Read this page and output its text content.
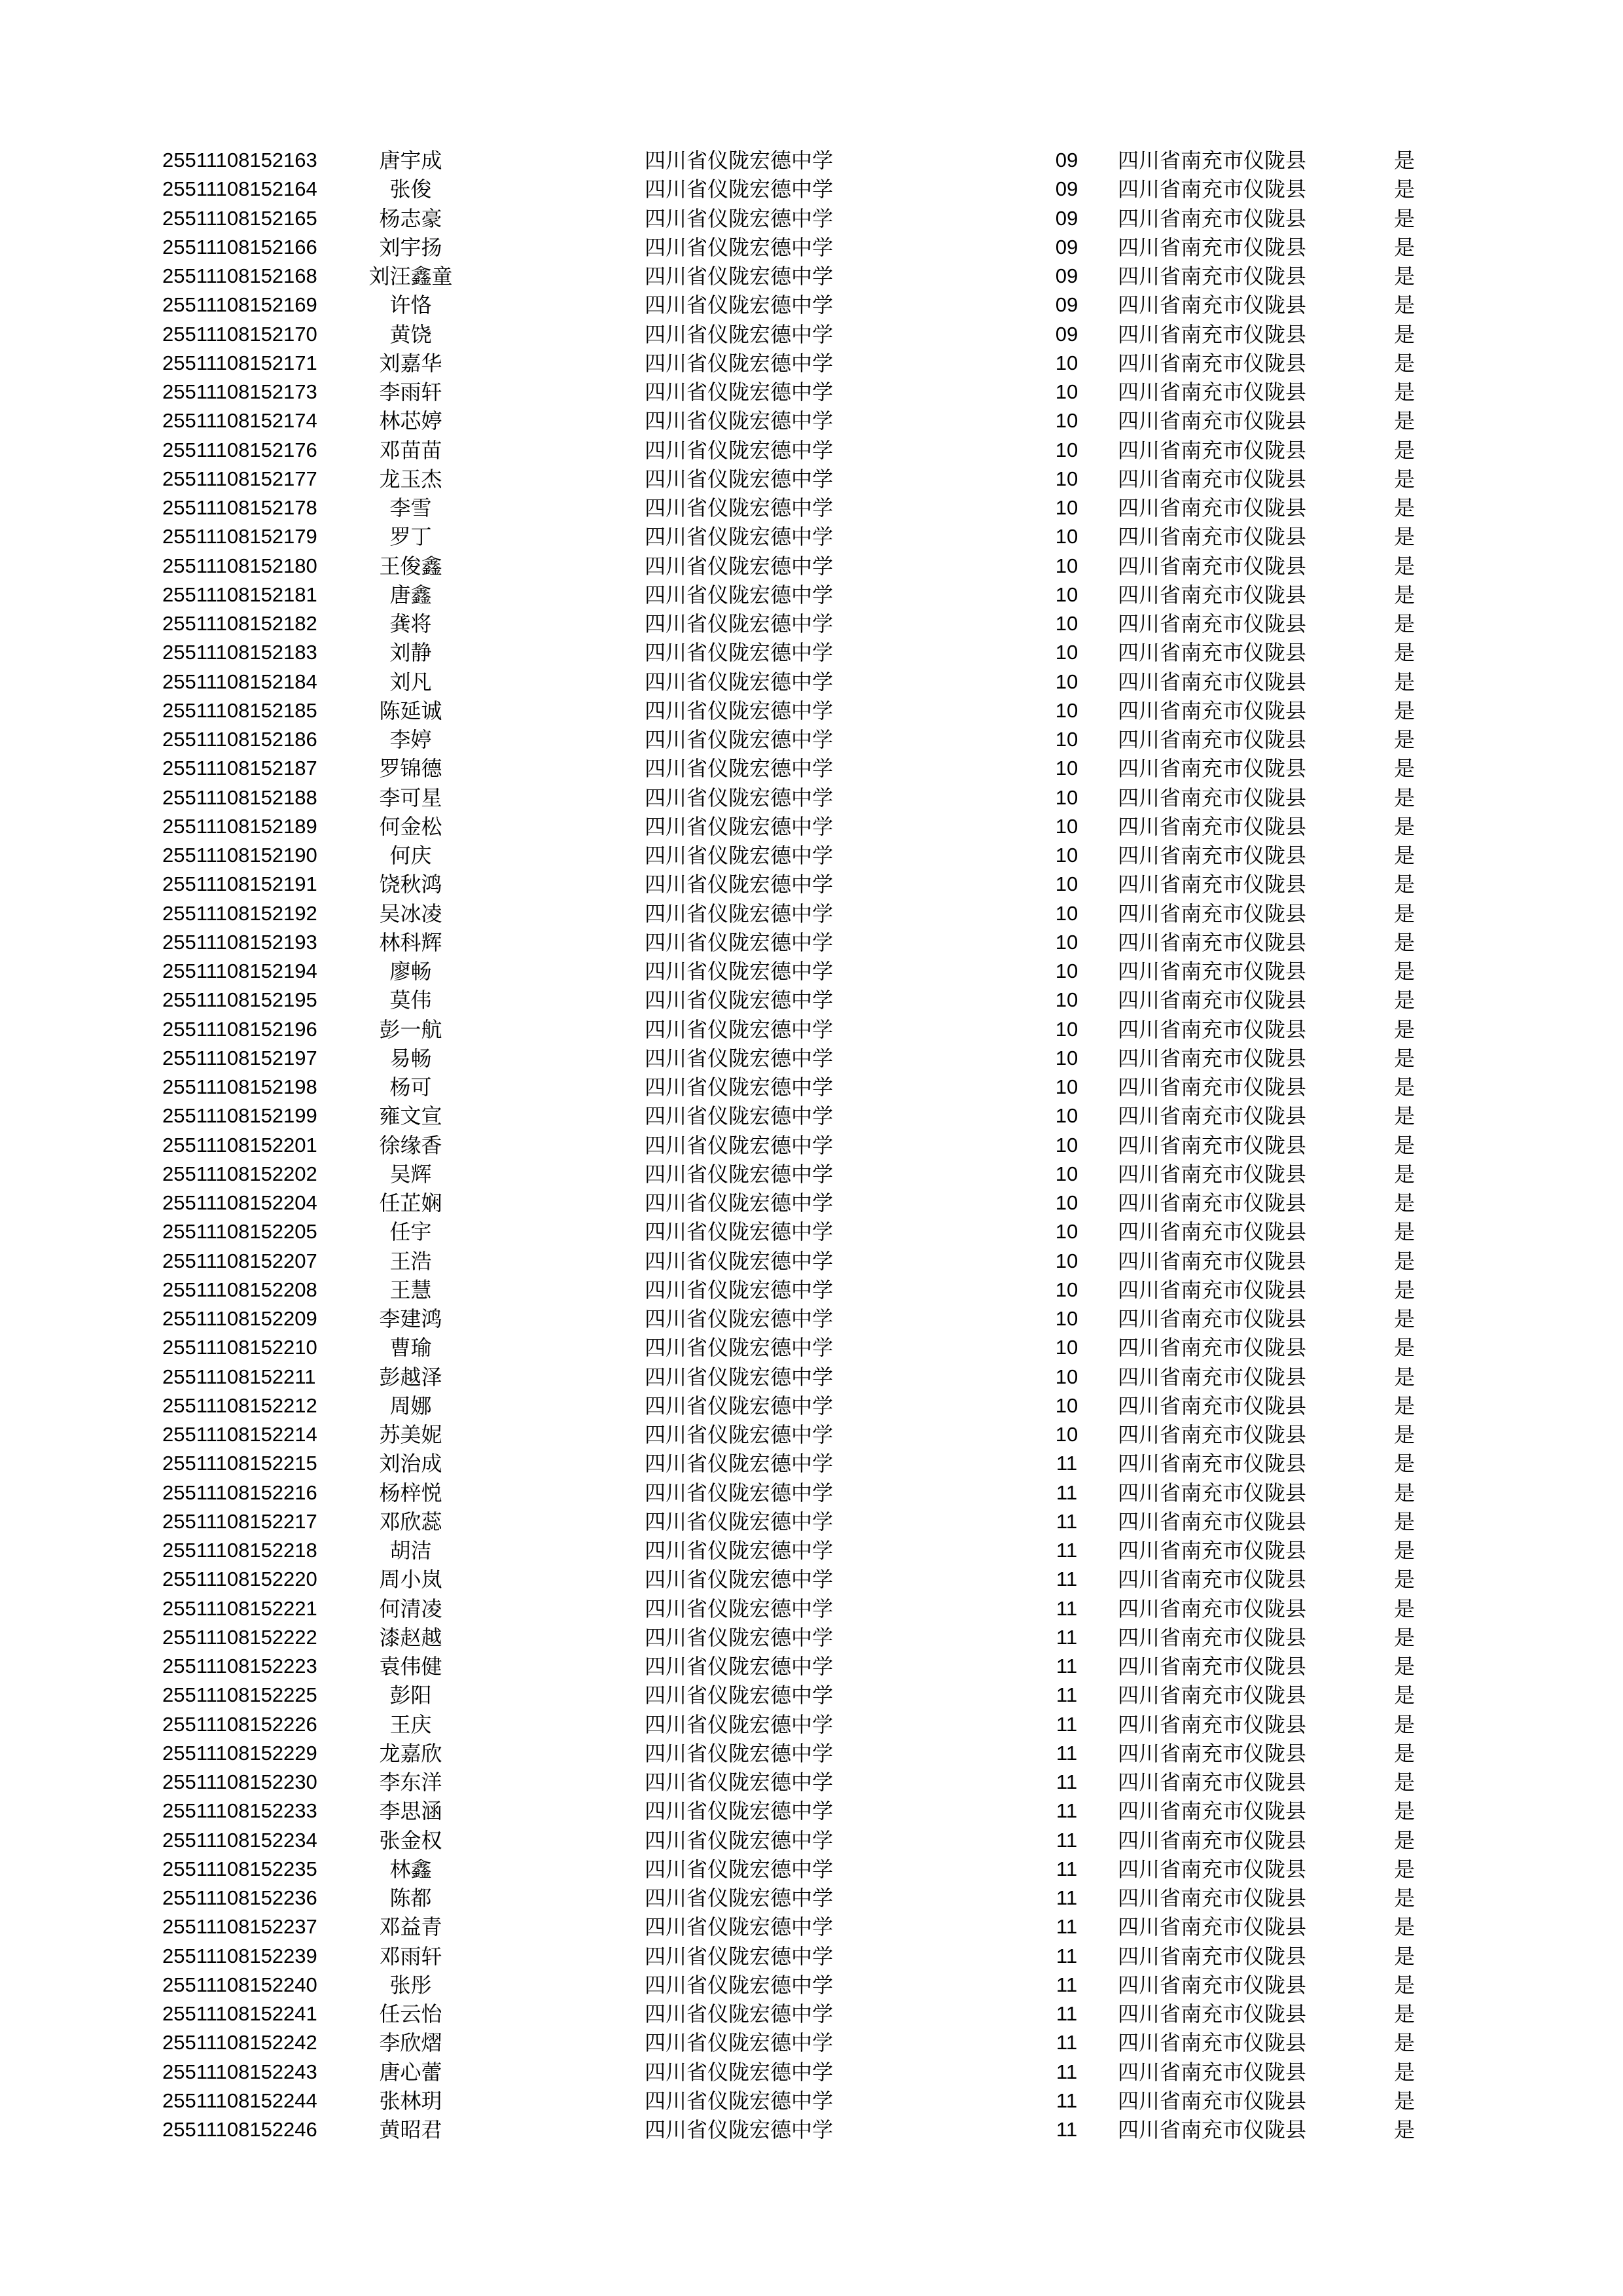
25511108152163	唐宇成	四川省仪陇宏德中学	09	四川省南充市仪陇县	是
25511108152164	张俊	四川省仪陇宏德中学	09	四川省南充市仪陇县	是
25511108152165	杨志豪	四川省仪陇宏德中学	09	四川省南充市仪陇县	是
25511108152166	刘宇扬	四川省仪陇宏德中学	09	四川省南充市仪陇县	是
25511108152168	刘汪鑫童	四川省仪陇宏德中学	09	四川省南充市仪陇县	是
25511108152169	许恪	四川省仪陇宏德中学	09	四川省南充市仪陇县	是
25511108152170	黄饶	四川省仪陇宏德中学	09	四川省南充市仪陇县	是
25511108152171	刘嘉华	四川省仪陇宏德中学	10	四川省南充市仪陇县	是
25511108152173	李雨轩	四川省仪陇宏德中学	10	四川省南充市仪陇县	是
25511108152174	林芯婷	四川省仪陇宏德中学	10	四川省南充市仪陇县	是
25511108152176	邓苗苗	四川省仪陇宏德中学	10	四川省南充市仪陇县	是
25511108152177	龙玉杰	四川省仪陇宏德中学	10	四川省南充市仪陇县	是
25511108152178	李雪	四川省仪陇宏德中学	10	四川省南充市仪陇县	是
25511108152179	罗丁	四川省仪陇宏德中学	10	四川省南充市仪陇县	是
25511108152180	王俊鑫	四川省仪陇宏德中学	10	四川省南充市仪陇县	是
25511108152181	唐鑫	四川省仪陇宏德中学	10	四川省南充市仪陇县	是
25511108152182	龚将	四川省仪陇宏德中学	10	四川省南充市仪陇县	是
25511108152183	刘静	四川省仪陇宏德中学	10	四川省南充市仪陇县	是
25511108152184	刘凡	四川省仪陇宏德中学	10	四川省南充市仪陇县	是
25511108152185	陈延诚	四川省仪陇宏德中学	10	四川省南充市仪陇县	是
25511108152186	李婷	四川省仪陇宏德中学	10	四川省南充市仪陇县	是
25511108152187	罗锦德	四川省仪陇宏德中学	10	四川省南充市仪陇县	是
25511108152188	李可星	四川省仪陇宏德中学	10	四川省南充市仪陇县	是
25511108152189	何金松	四川省仪陇宏德中学	10	四川省南充市仪陇县	是
25511108152190	何庆	四川省仪陇宏德中学	10	四川省南充市仪陇县	是
25511108152191	饶秋鸿	四川省仪陇宏德中学	10	四川省南充市仪陇县	是
25511108152192	吴冰凌	四川省仪陇宏德中学	10	四川省南充市仪陇县	是
25511108152193	林科辉	四川省仪陇宏德中学	10	四川省南充市仪陇县	是
25511108152194	廖畅	四川省仪陇宏德中学	10	四川省南充市仪陇县	是
25511108152195	莫伟	四川省仪陇宏德中学	10	四川省南充市仪陇县	是
25511108152196	彭一航	四川省仪陇宏德中学	10	四川省南充市仪陇县	是
25511108152197	易畅	四川省仪陇宏德中学	10	四川省南充市仪陇县	是
25511108152198	杨可	四川省仪陇宏德中学	10	四川省南充市仪陇县	是
25511108152199	雍文宣	四川省仪陇宏德中学	10	四川省南充市仪陇县	是
25511108152201	徐缘香	四川省仪陇宏德中学	10	四川省南充市仪陇县	是
25511108152202	吴辉	四川省仪陇宏德中学	10	四川省南充市仪陇县	是
25511108152204	任芷娴	四川省仪陇宏德中学	10	四川省南充市仪陇县	是
25511108152205	任宇	四川省仪陇宏德中学	10	四川省南充市仪陇县	是
25511108152207	王浩	四川省仪陇宏德中学	10	四川省南充市仪陇县	是
25511108152208	王慧	四川省仪陇宏德中学	10	四川省南充市仪陇县	是
25511108152209	李建鸿	四川省仪陇宏德中学	10	四川省南充市仪陇县	是
25511108152210	曹瑜	四川省仪陇宏德中学	10	四川省南充市仪陇县	是
25511108152211	彭越泽	四川省仪陇宏德中学	10	四川省南充市仪陇县	是
25511108152212	周娜	四川省仪陇宏德中学	10	四川省南充市仪陇县	是
25511108152214	苏美妮	四川省仪陇宏德中学	10	四川省南充市仪陇县	是
25511108152215	刘治成	四川省仪陇宏德中学	11	四川省南充市仪陇县	是
25511108152216	杨梓悦	四川省仪陇宏德中学	11	四川省南充市仪陇县	是
25511108152217	邓欣蕊	四川省仪陇宏德中学	11	四川省南充市仪陇县	是
25511108152218	胡洁	四川省仪陇宏德中学	11	四川省南充市仪陇县	是
25511108152220	周小岚	四川省仪陇宏德中学	11	四川省南充市仪陇县	是
25511108152221	何清凌	四川省仪陇宏德中学	11	四川省南充市仪陇县	是
25511108152222	漆赵越	四川省仪陇宏德中学	11	四川省南充市仪陇县	是
25511108152223	袁伟健	四川省仪陇宏德中学	11	四川省南充市仪陇县	是
25511108152225	彭阳	四川省仪陇宏德中学	11	四川省南充市仪陇县	是
25511108152226	王庆	四川省仪陇宏德中学	11	四川省南充市仪陇县	是
25511108152229	龙嘉欣	四川省仪陇宏德中学	11	四川省南充市仪陇县	是
25511108152230	李东洋	四川省仪陇宏德中学	11	四川省南充市仪陇县	是
25511108152233	李思涵	四川省仪陇宏德中学	11	四川省南充市仪陇县	是
25511108152234	张金权	四川省仪陇宏德中学	11	四川省南充市仪陇县	是
25511108152235	林鑫	四川省仪陇宏德中学	11	四川省南充市仪陇县	是
25511108152236	陈都	四川省仪陇宏德中学	11	四川省南充市仪陇县	是
25511108152237	邓益青	四川省仪陇宏德中学	11	四川省南充市仪陇县	是
25511108152239	邓雨轩	四川省仪陇宏德中学	11	四川省南充市仪陇县	是
25511108152240	张彤	四川省仪陇宏德中学	11	四川省南充市仪陇县	是
25511108152241	任云怡	四川省仪陇宏德中学	11	四川省南充市仪陇县	是
25511108152242	李欣熠	四川省仪陇宏德中学	11	四川省南充市仪陇县	是
25511108152243	唐心蕾	四川省仪陇宏德中学	11	四川省南充市仪陇县	是
25511108152244	张林玥	四川省仪陇宏德中学	11	四川省南充市仪陇县	是
25511108152246	黄昭君	四川省仪陇宏德中学	11	四川省南充市仪陇县	是
